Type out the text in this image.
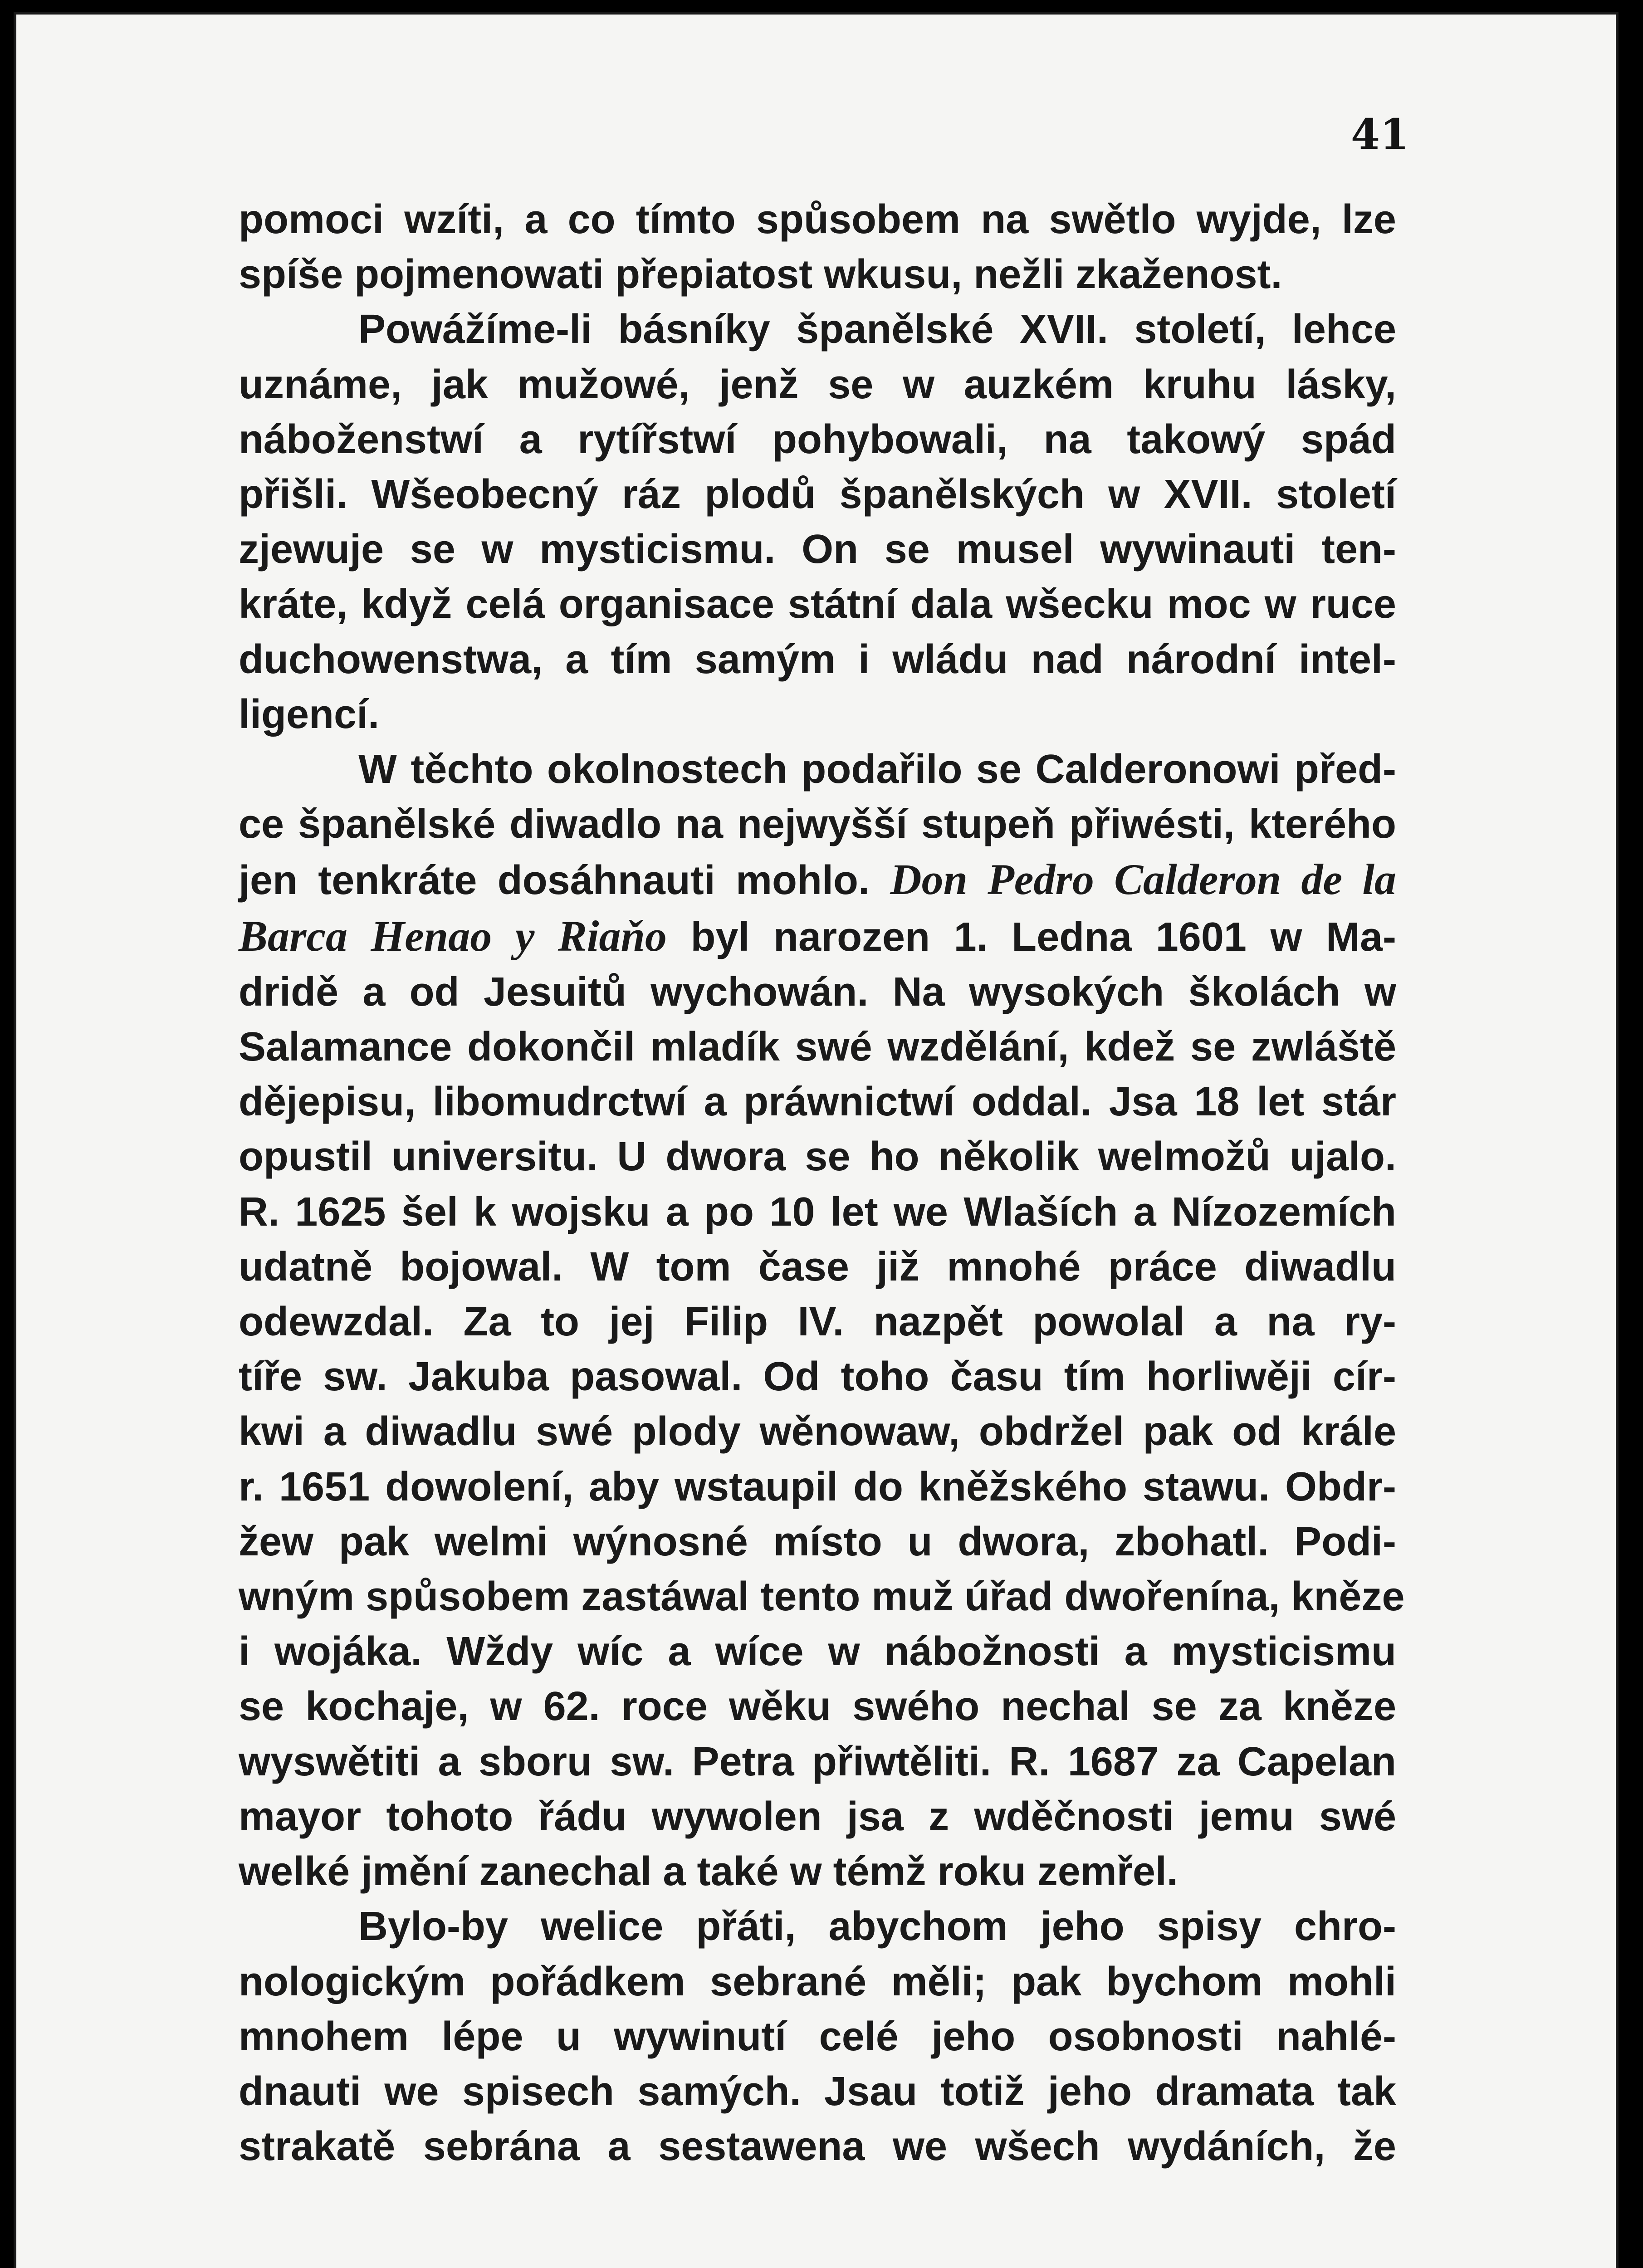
41
pomoci wzíti, a co tímto spůsobem na swětlo wyjde, lze
spíše pojmenowati přepiatost wkusu, nežli zkaženost.
Powážíme-li básníky španělské XVII. století, lehce
uznáme, jak mužowé, jenž se w auzkém kruhu lásky,
náboženstwí a rytířstwí pohybowali, na takowý spád
přišli. Wšeobecný ráz plodů španělských w XVII. století
zjewuje se w mysticismu. On se musel wywinauti ten-
kráte, když celá organisace státní dala wšecku moc w ruce
duchowenstwa, a tím samým i wládu nad národní intel-
ligencí.
W těchto okolnostech podařilo se Calderonowi před-
ce španělské diwadlo na nejwyšší stupeň přiwésti, kterého
jen tenkráte dosáhnauti mohlo. Don Pedro Calderon de la
Barca Henao y Riaňo byl narozen 1. Ledna 1601 w Ma-
dridě a od Jesuitů wychowán. Na wysokých školách w
Salamance dokončil mladík swé wzdělání, kdež se zwláště
dějepisu, libomudrctwí a práwnictwí oddal. Jsa 18 let stár
opustil universitu. U dwora se ho několik welmožů ujalo.
R. 1625 šel k wojsku a po 10 let we Wlaších a Nízozemích
udatně bojowal. W tom čase již mnohé práce diwadlu
odewzdal. Za to jej Filip IV. nazpět powolal a na ry-
tíře sw. Jakuba pasowal. Od toho času tím horliwěji cír-
kwi a diwadlu swé plody wěnowaw, obdržel pak od krále
r. 1651 dowolení, aby wstaupil do kněžského stawu. Obdr-
žew pak welmi wýnosné místo u dwora, zbohatl. Podi-
wným spůsobem zastáwal tento muž úřad dwořenína, kněze
i wojáka. Wždy wíc a wíce w nábožnosti a mysticismu
se kochaje, w 62. roce wěku swého nechal se za kněze
wyswětiti a sboru sw. Petra přiwtěliti. R. 1687 za Capelan
mayor tohoto řádu wywolen jsa z wděčnosti jemu swé
welké jmění zanechal a také w témž roku zemřel.
Bylo-by welice přáti, abychom jeho spisy chro-
nologickým pořádkem sebrané měli; pak bychom mohli
mnohem lépe u wywinutí celé jeho osobnosti nahlé-
dnauti we spisech samých. Jsau totiž jeho dramata tak
strakatě sebrána a sestawena we wšech wydáních, že
